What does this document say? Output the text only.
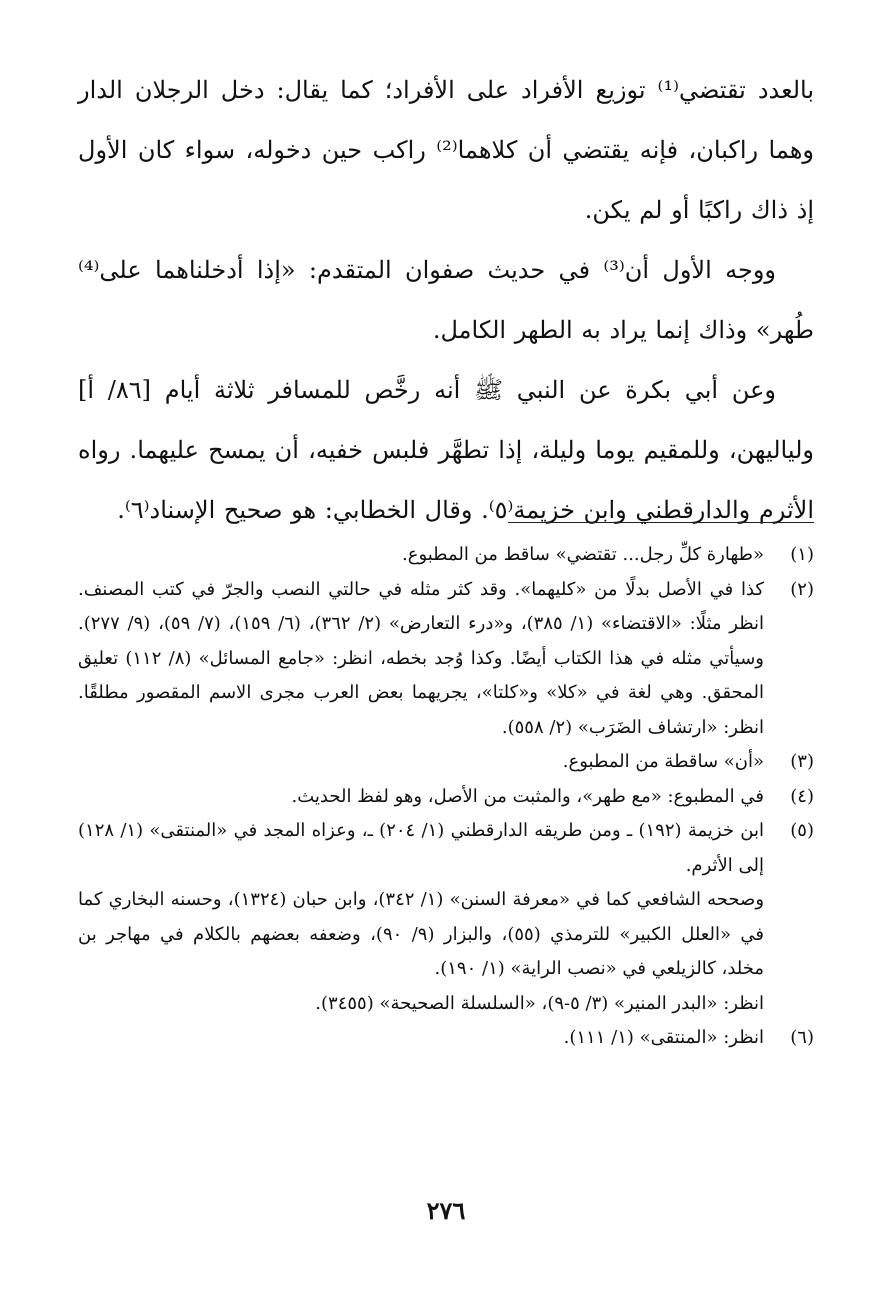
بالعدد تقتضي⁽¹⁾ توزيع الأفراد على الأفراد؛ كما يقال: دخل الرجلان الدار وهما راكبان، فإنه يقتضي أن كلاهما⁽²⁾ راكب حين دخوله، سواء كان الأول إذ ذاك راكبًا أو لم يكن.

ووجه الأول أن⁽³⁾ في حديث صفوان المتقدم: «إذا أدخلناهما على⁽⁴⁾ طُهر» وذاك إنما يراد به الطهر الكامل.

وعن أبي بكرة عن النبي ﷺ أنه رخَّص للمسافر ثلاثة أيام [٨٦/ أ] ولياليهن، وللمقيم يوما وليلة، إذا تطهَّر فلبس خفيه، أن يمسح عليهما. رواه الأثرم والدارقطني وابن خزيمة⁽٥⁾. وقال الخطابي: هو صحيح الإسناد⁽٦⁾.

(١)
«طهارة كلِّ رجل... تقتضي» ساقط من المطبوع.
(٢)
كذا في الأصل بدلًا من «كليهما». وقد كثر مثله في حالتي النصب والجرّ في كتب المصنف. انظر مثلًا: «الاقتضاء» (١/ ٣٨٥)، و«درء التعارض» (٢/ ٣٦٢)، (٦/ ١٥٩)، (٧/ ٥٩)، (٩/ ٢٧٧). وسيأتي مثله في هذا الكتاب أيضًا. وكذا وُجد بخطه، انظر: «جامع المسائل» (٨/ ١١٢) تعليق المحقق. وهي لغة في «كلا» و«كلتا»، يجريهما بعض العرب مجرى الاسم المقصور مطلقًا. انظر: «ارتشاف الضَرَب» (٢/ ٥٥٨).
(٣)
«أن» ساقطة من المطبوع.
(٤)
في المطبوع: «مع طهر»، والمثبت من الأصل، وهو لفظ الحديث.
(٥)
ابن خزيمة (١٩٢) ـ ومن طريقه الدارقطني (١/ ٢٠٤) ـ، وعزاه المجد في «المنتقى» (١/ ١٢٨) إلى الأثرم.
وصححه الشافعي كما في «معرفة السنن» (١/ ٣٤٢)، وابن حبان (١٣٢٤)، وحسنه البخاري كما في «العلل الكبير» للترمذي (٥٥)، والبزار (٩/ ٩٠)، وضعفه بعضهم بالكلام في مهاجر بن مخلد، كالزيلعي في «نصب الراية» (١/ ١٩٠).
انظر: «البدر المنير» (٣/ ٥-٩)، «السلسلة الصحيحة» (٣٤٥٥).
(٦)
انظر: «المنتقى» (١/ ١١١).
٢٧٦
